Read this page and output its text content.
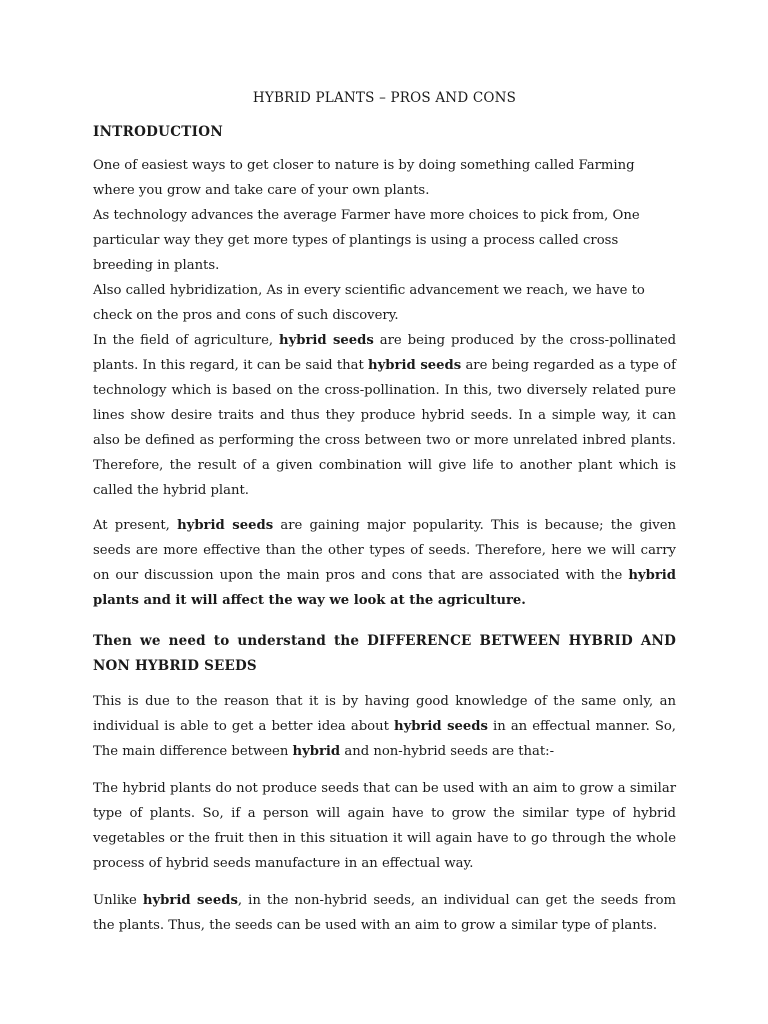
HYBRID PLANTS – PROS AND CONS
INTRODUCTION

One of easiest ways to get closer to nature is by doing something called Farming where you grow and take care of your own plants.

As technology advances the average Farmer have more choices to pick from, One particular way they get more types of plantings is using a process called cross breeding in plants.

Also called hybridization, As in every scientific advancement we reach, we have to check on the pros and cons of such discovery.

In the field of agriculture, hybrid seeds are being produced by the cross-pollinated plants. In this regard, it can be said that hybrid seeds are being regarded as a type of technology which is based on the cross-pollination. In this, two diversely related pure lines show desire traits and thus they produce hybrid seeds. In a simple way, it can also be defined as performing the cross between two or more unrelated inbred plants. Therefore, the result of a given combination will give life to another plant which is called the hybrid plant.

At present, hybrid seeds are gaining major popularity. This is because; the given seeds are more effective than the other types of seeds. Therefore, here we will carry on our discussion upon the main pros and cons that are associated with the hybrid plants and it will affect the way we look at the agriculture.

Then we need to understand the DIFFERENCE BETWEEN HYBRID AND NON HYBRID SEEDS

This is due to the reason that it is by having good knowledge of the same only, an individual is able to get a better idea about hybrid seeds in an effectual manner. So, The main difference between hybrid and non-hybrid seeds are that:-

The hybrid plants do not produce seeds that can be used with an aim to grow a similar type of plants. So, if a person will again have to grow the similar type of hybrid vegetables or the fruit then in this situation it will again have to go through the whole process of hybrid seeds manufacture in an effectual way.

Unlike hybrid seeds, in the non-hybrid seeds, an individual can get the seeds from the plants. Thus, the seeds can be used with an aim to grow a similar type of plants.
